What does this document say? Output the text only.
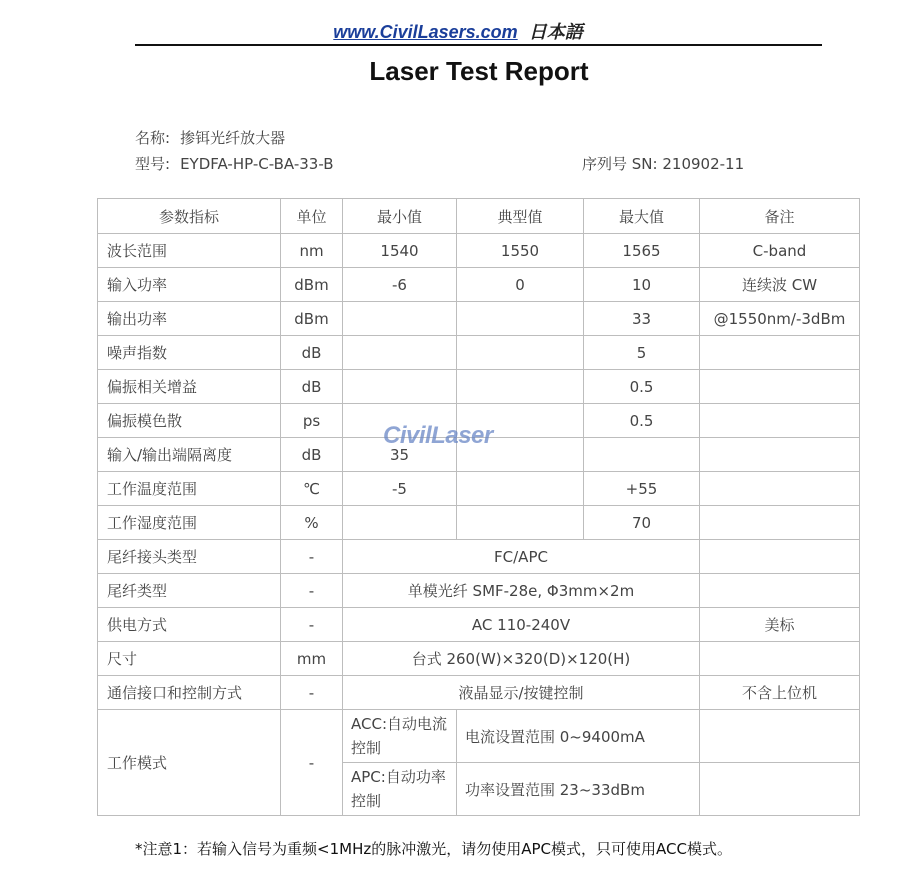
www.CivilLasers.com 日本語
Laser Test Report
名称: 掺铒光纤放大器
型号: EYDFA-HP-C-BA-33-B	序列号 SN: 210902-11
参数指标	单位	最小值	典型值	最大值	备注
波长范围	nm	1540	1550	1565	C-band
输入功率	dBm	-6	0	10	连续波 CW
输出功率	dBm			33	@1550nm/-3dBm
噪声指数	dB			5	
偏振相关增益	dB			0.5	
偏振模色散	ps			0.5	
输入/输出端隔离度	dB	35			
工作温度范围	℃	-5		+55	
工作湿度范围	%			70	
尾纤接头类型	-	FC/APC			
尾纤类型	-	单模光纤 SMF-28e, Φ3mm×2m			
供电方式	-	AC 110-240V			美标
尺寸	mm	台式 260(W)×320(D)×120(H)			
通信接口和控制方式	-	液晶显示/按键控制			不含上位机
工作模式	-	ACC:自动电流控制	电流设置范围 0~9400mA		
		APC:自动功率控制	功率设置范围 23~33dBm		
CivilLaser
*注意1：若输入信号为重频<1MHz的脉冲激光，请勿使用APC模式，只可使用ACC模式。
